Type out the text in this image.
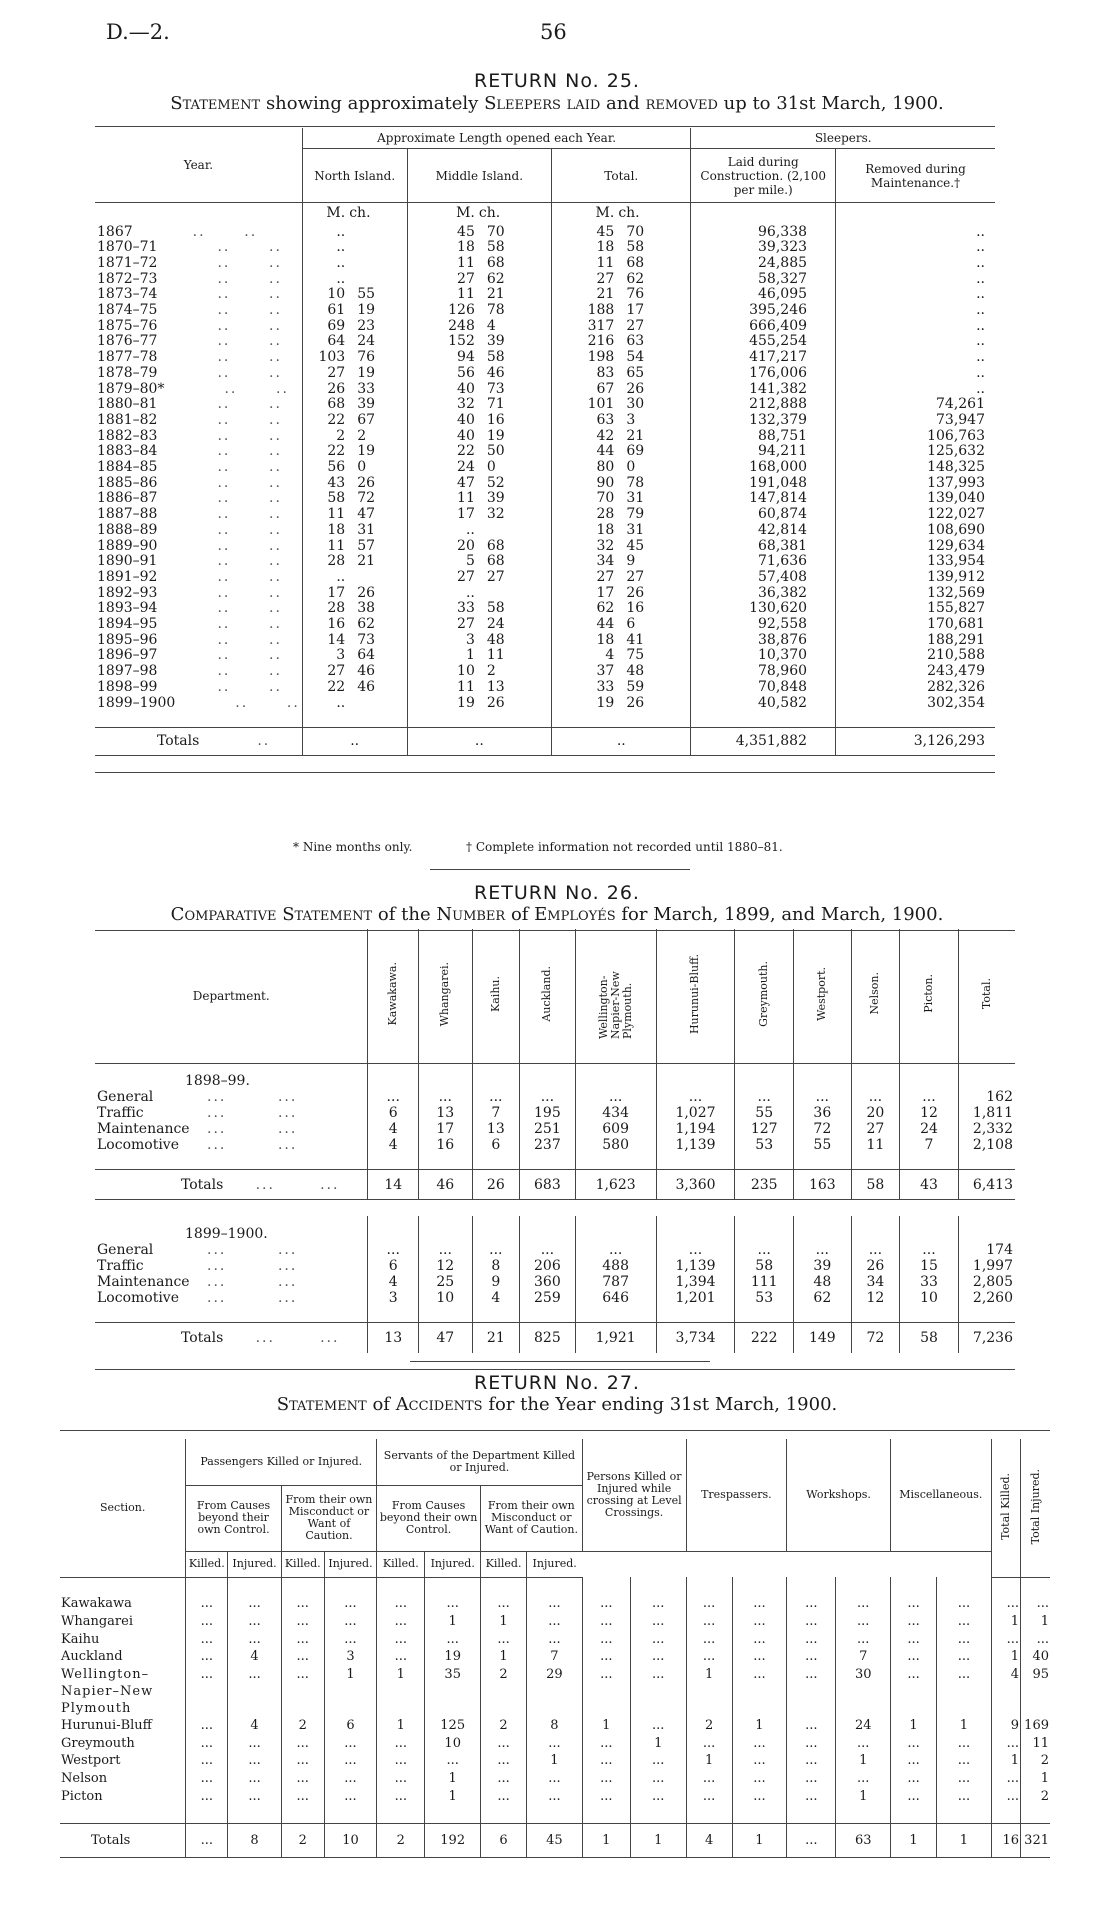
D.—2.	56
RETURN No. 25.
Statement showing approximately Sleepers laid and removed up to 31st March, 1900.
Year.	Approximate Length opened each Year.						Sleepers.	
	North Island.		Middle Island.		Total.		Laid during Construction. (2,100 per mile.)	Removed during Maintenance.†
	M.	ch.	M.	ch.	M.	ch.		
1867 ..      ..	..		45	70	45	70	96,338	..
1870–71 ..      ..	..		18	58	18	58	39,323	..
1871–72 ..      ..	..		11	68	11	68	24,885	..
1872–73 ..      ..	..		27	62	27	62	58,327	..
1873–74 ..      ..	10	55	11	21	21	76	46,095	..
1874–75 ..      ..	61	19	126	78	188	17	395,246	..
1875–76 ..      ..	69	23	248	4	317	27	666,409	..
1876–77 ..      ..	64	24	152	39	216	63	455,254	..
1877–78 ..      ..	103	76	94	58	198	54	417,217	..
1878–79 ..      ..	27	19	56	46	83	65	176,006	..
1879–80* ..      ..	26	33	40	73	67	26	141,382	..
1880–81 ..      ..	68	39	32	71	101	30	212,888	74,261
1881–82 ..      ..	22	67	40	16	63	3	132,379	73,947
1882–83 ..      ..	2	2	40	19	42	21	88,751	106,763
1883–84 ..      ..	22	19	22	50	44	69	94,211	125,632
1884–85 ..      ..	56	0	24	0	80	0	168,000	148,325
1885–86 ..      ..	43	26	47	52	90	78	191,048	137,993
1886–87 ..      ..	58	72	11	39	70	31	147,814	139,040
1887–88 ..      ..	11	47	17	32	28	79	60,874	122,027
1888–89 ..      ..	18	31	..		18	31	42,814	108,690
1889–90 ..      ..	11	57	20	68	32	45	68,381	129,634
1890–91 ..      ..	28	21	5	68	34	9	71,636	133,954
1891–92 ..      ..	..		27	27	27	27	57,408	139,912
1892–93 ..      ..	17	26	..		17	26	36,382	132,569
1893–94 ..      ..	28	38	33	58	62	16	130,620	155,827
1894–95 ..      ..	16	62	27	24	44	6	92,558	170,681
1895–96 ..      ..	14	73	3	48	18	41	38,876	188,291
1896–97 ..      ..	3	64	1	11	4	75	10,370	210,588
1897–98 ..      ..	27	46	10	2	37	48	78,960	243,479
1898–99 ..      ..	22	46	11	13	33	59	70,848	282,326
1899–1900 ..      ..	..		19	26	19	26	40,582	302,354

Totals ..	..		..		..		4,351,882	3,126,293

* Nine months only.	† Complete information not recorded until 1880–81.
RETURN No. 26.
Comparative Statement of the Number of Employés for March, 1899, and March, 1900.
Department.	Kawakawa.	Whangarei.	Kaihu.	Auckland.	Wellington-Napier-New Plymouth.	Hurunui-Bluff.	Greymouth.	Westport.	Nelson.	Picton.	Total.
1898–99.											
General ...        ...	...	...	...	...	...	...	...	...	...	...	162
Traffic ...        ...	6	13	7	195	434	1,027	55	36	20	12	1,811
Maintenance ...        ...	4	17	13	251	609	1,194	127	72	27	24	2,332
Locomotive ...        ...	4	16	6	237	580	1,139	53	55	11	7	2,108

Totals     ...       ...	14	46	26	683	1,623	3,360	235	163	58	43	6,413

1899–1900.											
General ...        ...	...	...	...	...	...	...	...	...	...	...	174
Traffic ...        ...	6	12	8	206	488	1,139	58	39	26	15	1,997
Maintenance ...        ...	4	25	9	360	787	1,394	111	48	34	33	2,805
Locomotive ...        ...	3	10	4	259	646	1,201	53	62	12	10	2,260

Totals     ...       ...	13	47	21	825	1,921	3,734	222	149	72	58	7,236

RETURN No. 27.
Statement of Accidents for the Year ending 31st March, 1900.
Section.	Passengers Killed or Injured.				Servants of the Department Killed or Injured.				Persons Killed or Injured while crossing at Level Crossings.		Trespassers.		Workshops.		Miscellaneous.		Total Killed.	Total Injured.
	From Causes beyond their own Control.		From their own Misconduct or Want of Caution.		From Causes beyond their own Control.		From their own Misconduct or Want of Caution.											
	Killed.	Injured.	Killed.	Injured.	Killed.	Injured.	Killed.	Injured.										

Kawakawa	...	...	...	...	...	...	...	...	...	...	...	...	...	...	...	...	...	...
Whangarei	...	...	...	...	...	1	1	...	...	...	...	...	...	...	...	...	1	1
Kaihu	...	...	...	...	...	...	...	...	...	...	...	...	...	...	...	...	...	...
Auckland	...	4	...	3	...	19	1	7	...	...	...	...	...	7	...	...	1	40
Wellington–Napier–New Plymouth	...	...	...	1	1	35	2	29	...	...	1	...	...	30	...	...	4	95
Hurunui-Bluff	...	4	2	6	1	125	2	8	1	...	2	1	...	24	1	1	9	169
Greymouth	...	...	...	...	...	10	...	...	...	1	...	...	...	...	...	...	...	11
Westport	...	...	...	...	...	...	...	1	...	...	1	...	...	1	...	...	1	2
Nelson	...	...	...	...	...	1	...	...	...	...	...	...	...	...	...	...	...	1
Picton	...	...	...	...	...	1	...	...	...	...	...	...	...	1	...	...	...	2

Totals	...	8	2	10	2	192	6	45	1	1	4	1	...	63	1	1	16	321
